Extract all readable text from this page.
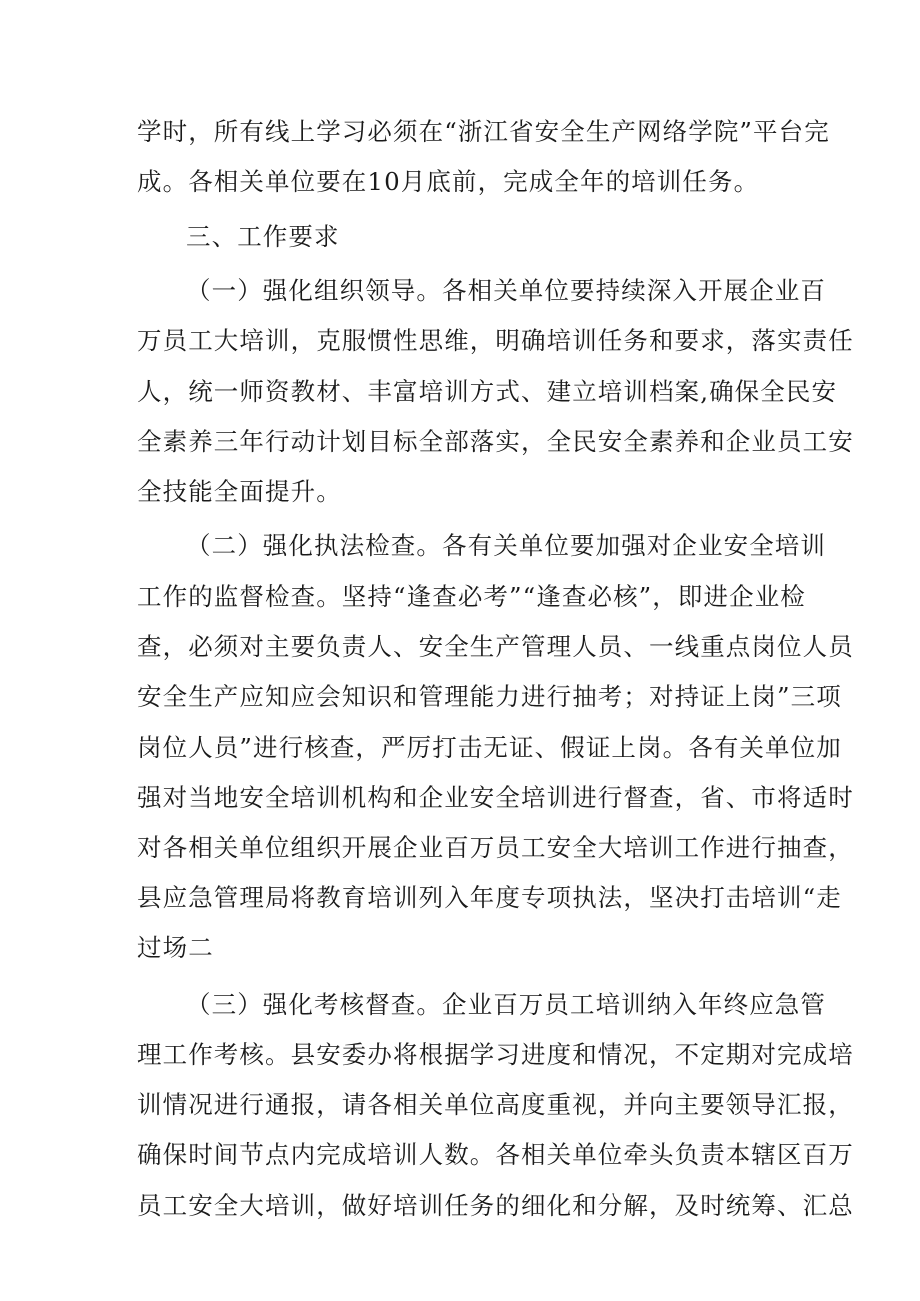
学时，所有线上学习必须在“浙江省安全生产网络学院”平台完
成。各相关单位要在10月底前，完成全年的培训任务。
三、工作要求
（一）强化组织领导。各相关单位要持续深入开展企业百
万员工大培训，克服惯性思维，明确培训任务和要求，落实责任
人，统一师资教材、丰富培训方式、建立培训档案,确保全民安
全素养三年行动计划目标全部落实，全民安全素养和企业员工安
全技能全面提升。
（二）强化执法检查。各有关单位要加强对企业安全培训
工作的监督检查。坚持“逢查必考”“逢查必核”，即进企业检
查，必须对主要负责人、安全生产管理人员、一线重点岗位人员
安全生产应知应会知识和管理能力进行抽考；对持证上岗”三项
岗位人员”进行核查，严厉打击无证、假证上岗。各有关单位加
强对当地安全培训机构和企业安全培训进行督查，省、市将适时
对各相关单位组织开展企业百万员工安全大培训工作进行抽查，
县应急管理局将教育培训列入年度专项执法，坚决打击培训“走
过场二
（三）强化考核督查。企业百万员工培训纳入年终应急管
理工作考核。县安委办将根据学习进度和情况，不定期对完成培
训情况进行通报，请各相关单位高度重视，并向主要领导汇报，
确保时间节点内完成培训人数。各相关单位牵头负责本辖区百万
员工安全大培训，做好培训任务的细化和分解，及时统筹、汇总
